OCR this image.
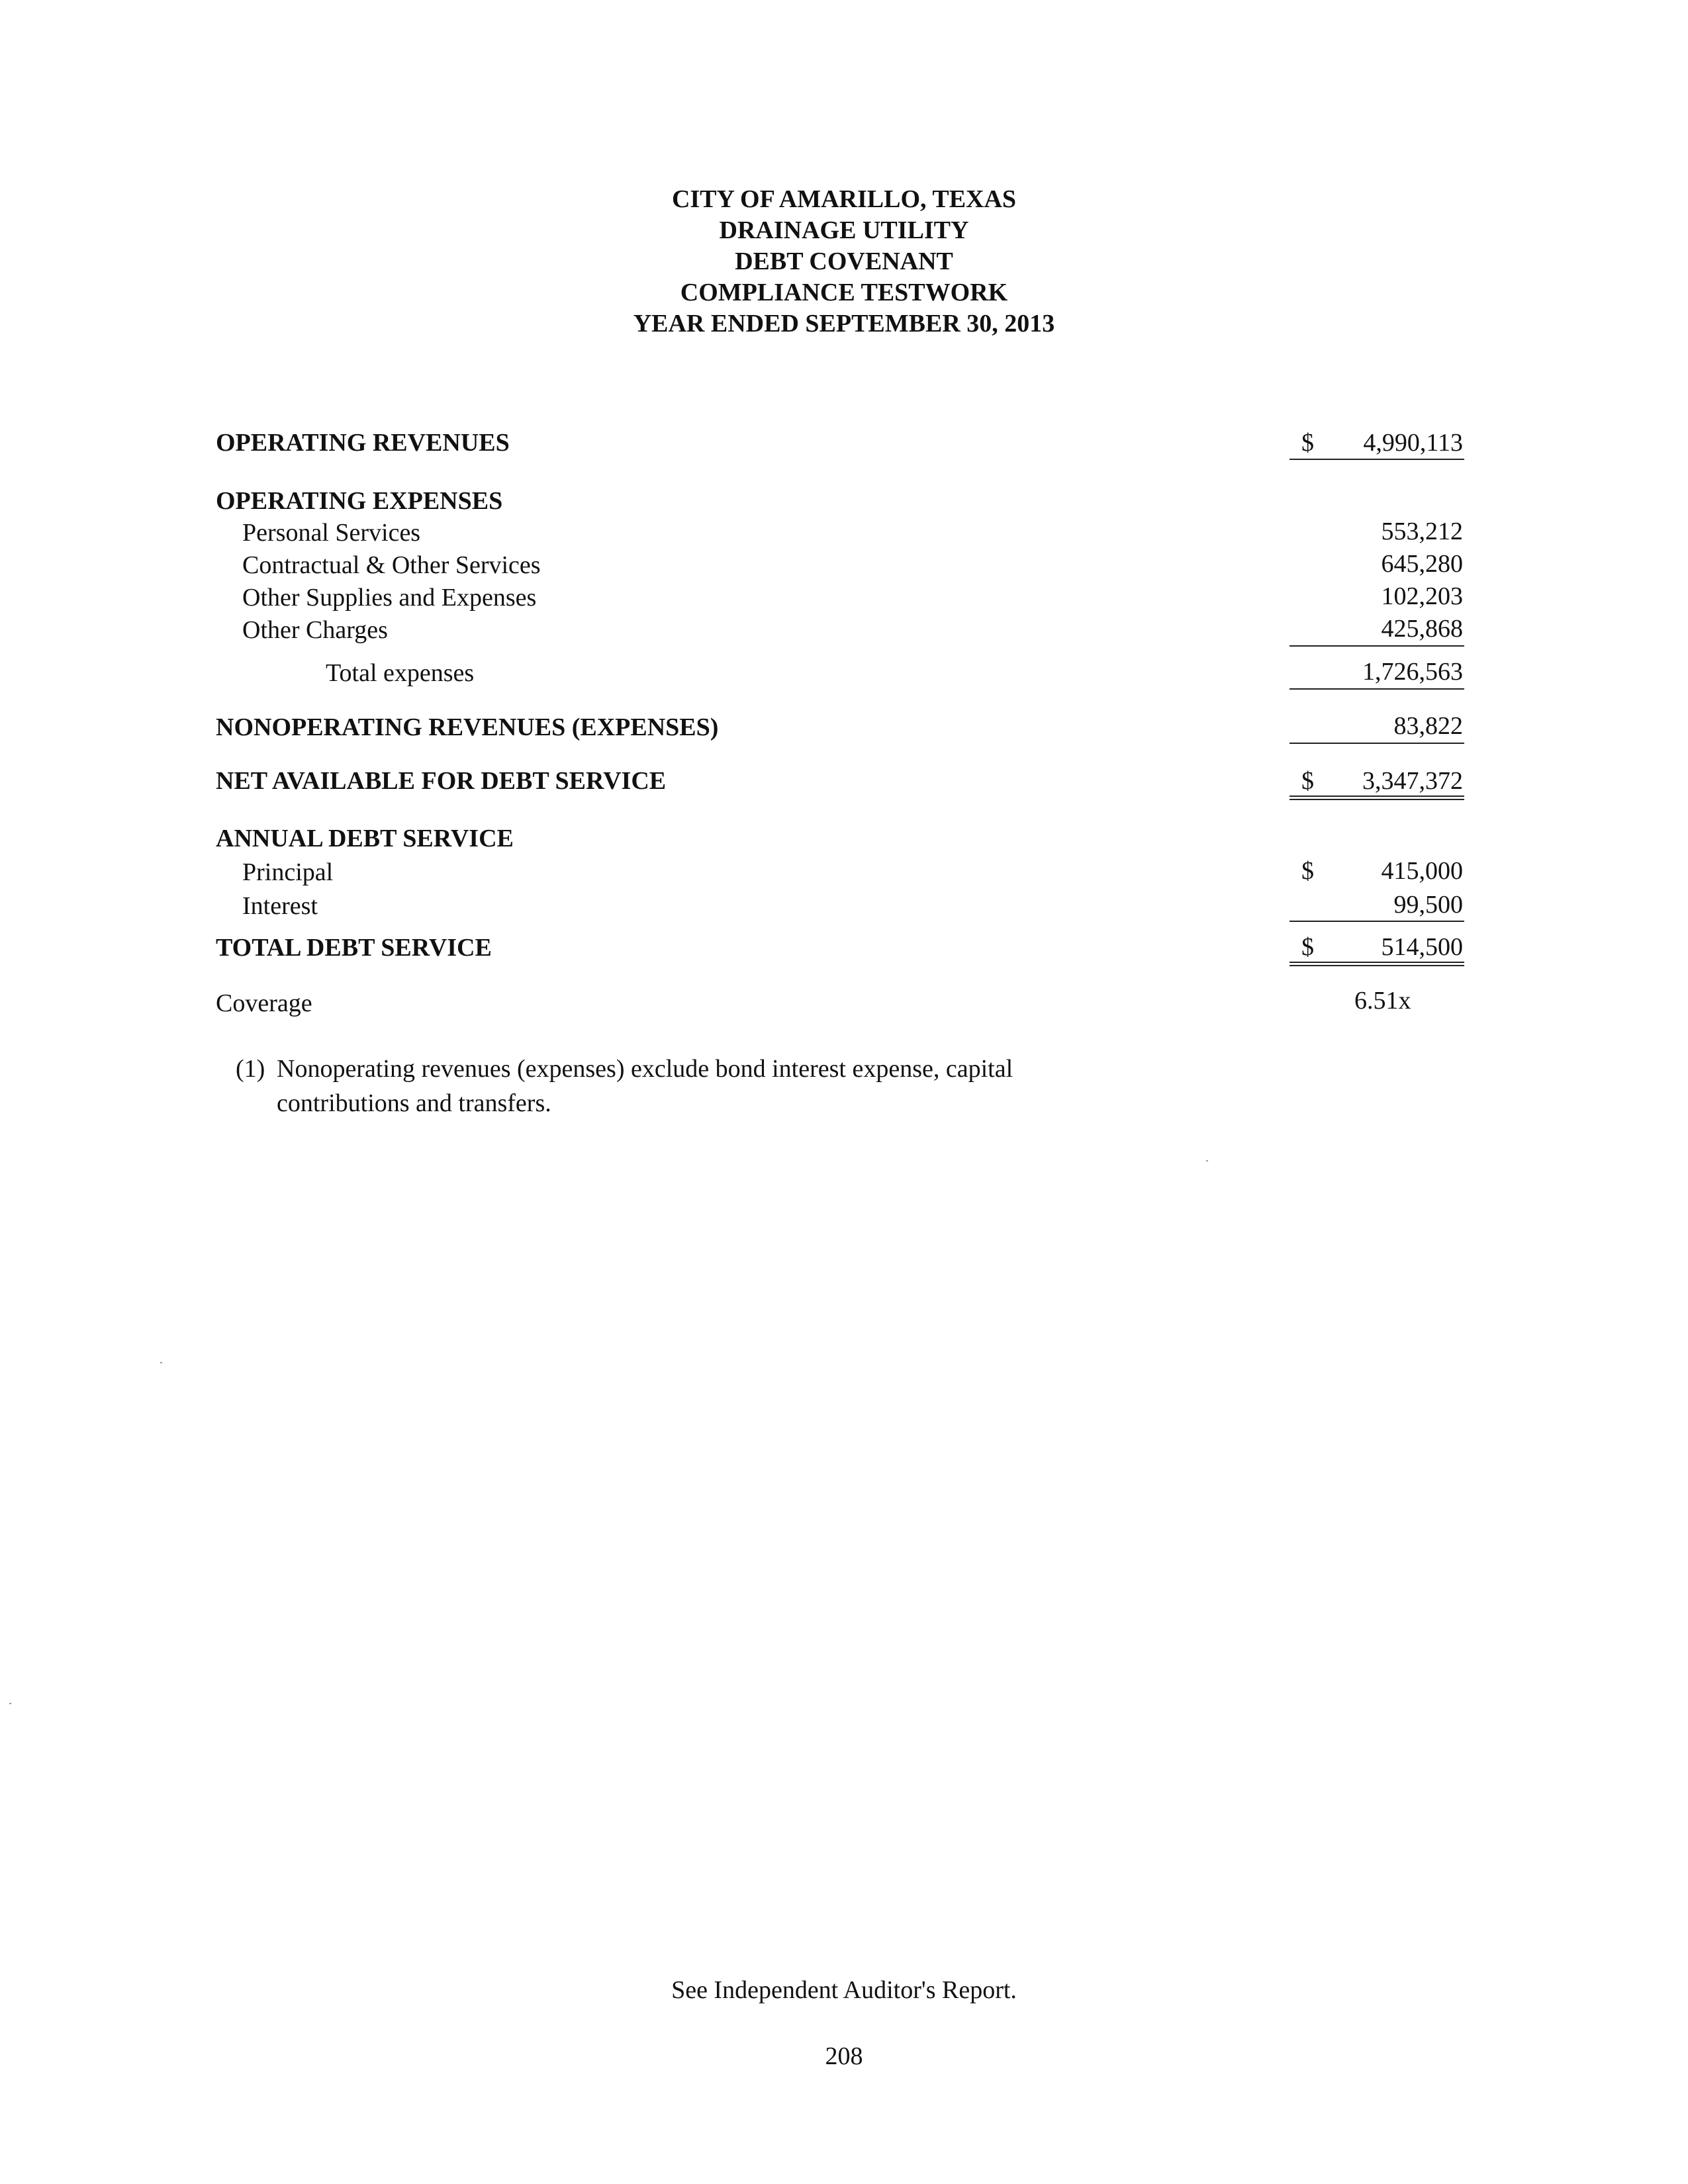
CITY OF AMARILLO, TEXAS
DRAINAGE UTILITY
DEBT COVENANT
COMPLIANCE TESTWORK
YEAR ENDED SEPTEMBER 30, 2013
OPERATING REVENUES	$ 4,990,113
OPERATING EXPENSES
Personal Services	553,212
Contractual & Other Services	645,280
Other Supplies and Expenses	102,203
Other Charges	425,868
Total expenses	1,726,563
NONOPERATING REVENUES (EXPENSES)	83,822
NET AVAILABLE FOR DEBT SERVICE	$ 3,347,372
ANNUAL DEBT SERVICE
Principal	$	415,000
Interest	99,500
TOTAL DEBT SERVICE	$	514,500
Coverage	6.51x
(1) Nonoperating revenues (expenses) exclude bond interest expense, capital contributions and transfers.
See Independent Auditor's Report.
208
